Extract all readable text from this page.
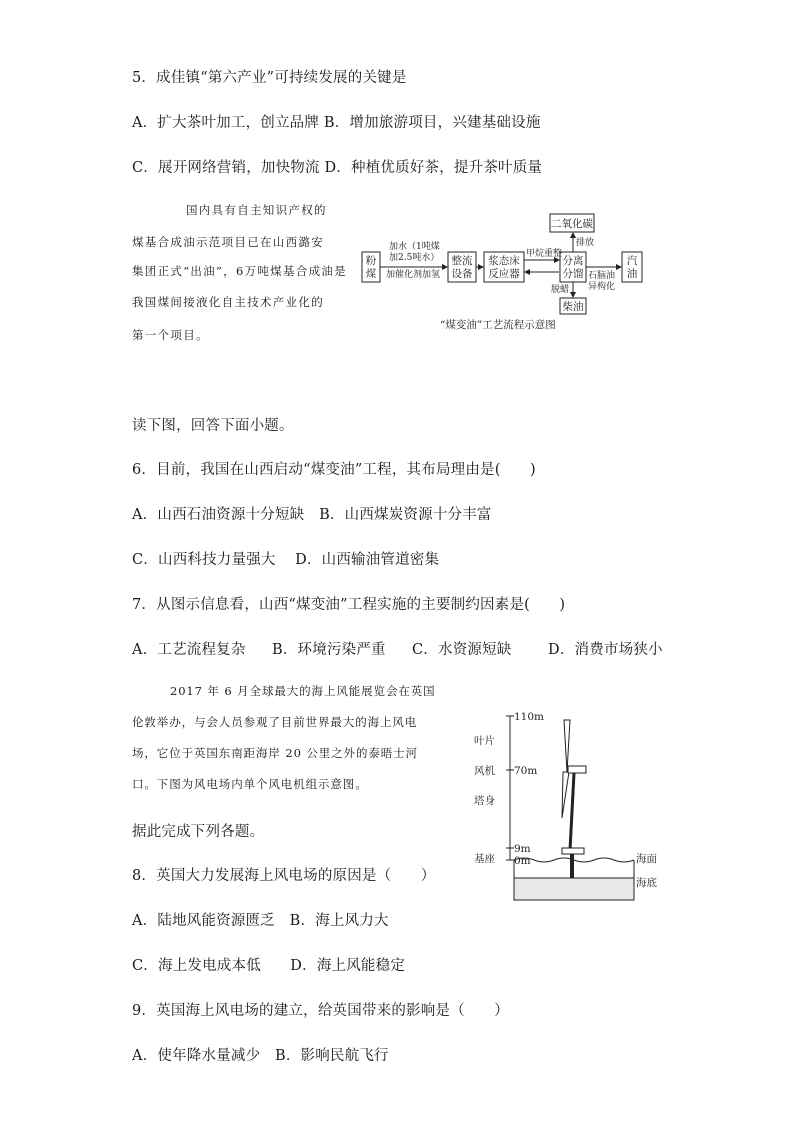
5．成佳镇“第六产业”可持续发展的关键是
A．扩大茶叶加工，创立品牌 B．增加旅游项目，兴建基础设施
C．展开网络营销，加快物流 D．种植优质好茶，提升茶叶质量
国内具有自主知识产权的
煤基合成油示范项目已在山西潞安
集团正式“出油”，6万吨煤基合成油是
我国煤间接液化自主技术产业化的
第一个项目。
粉
煤
整流
设备
浆态床
反应器
分离
分馏
汽
油
二氧化碳
柴油
加水（1吨煤
加2.5吨水）
加催化剂加氢
甲烷重整
排放
脱蜡
石脑油
异构化
“煤变油”工艺流程示意图
读下图，回答下面小题。
6．目前，我国在山西启动“煤变油”工程，其布局理由是(　　)
A．山西石油资源十分短缺　B．山西煤炭资源十分丰富
C．山西科技力量强大　 D．山西输油管道密集
7．从图示信息看，山西“煤变油”工程实施的主要制约因素是(　　)
A．工艺流程复杂 B．环境污染严重 C．水资源短缺	D．消费市场狭小
2017 年 6 月全球最大的海上风能展览会在英国
伦敦举办，与会人员参观了目前世界最大的海上风电
场，它位于英国东南距海岸 20 公里之外的泰晤士河
口。下图为风电场内单个风电机组示意图。
据此完成下列各题。
110m
70m
9m
0m
叶片
风机
塔身
基座	海面
海底
8．英国大力发展海上风电场的原因是（　　）
A．陆地风能资源匮乏　B．海上风力大
C．海上发电成本低　　D．海上风能稳定
9．英国海上风电场的建立，给英国带来的影响是（　　）
A．使年降水量减少　B．影响民航飞行
